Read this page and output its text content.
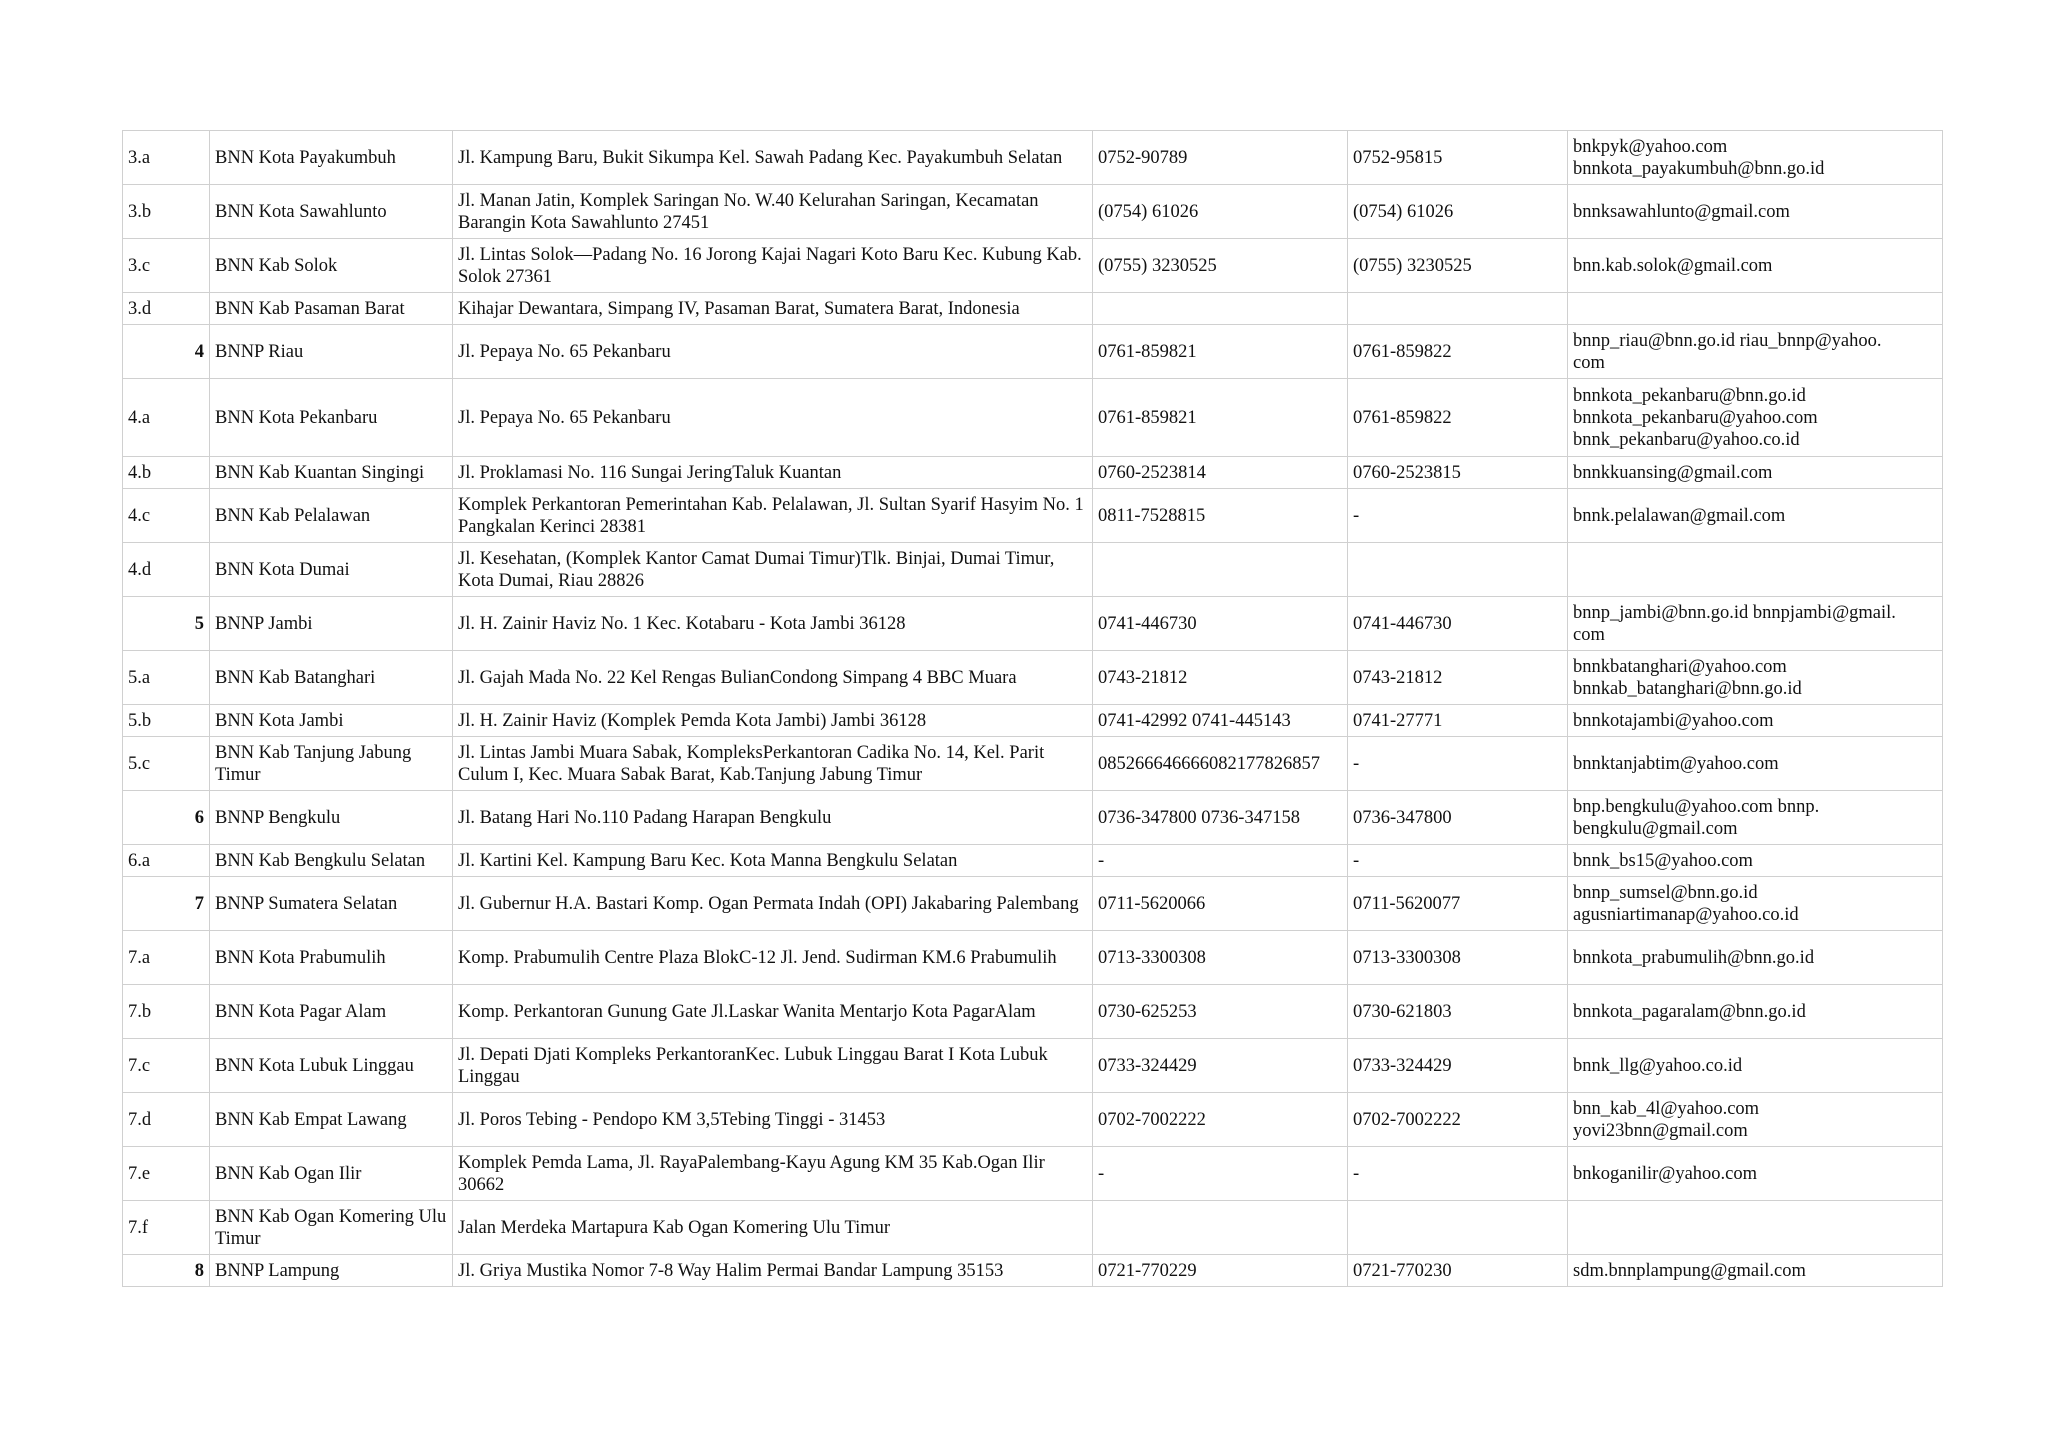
3.a	BNN Kota Payakumbuh	Jl. Kampung Baru, Bukit Sikumpa Kel. Sawah Padang Kec. Payakumbuh Selatan	0752-90789	0752-95815	bnkpyk@yahoo.com
bnnkota_payakumbuh@bnn.go.id

3.b	BNN Kota Sawahlunto	Jl. Manan Jatin, Komplek Saringan No. W.40 Kelurahan Saringan, Kecamatan Barangin Kota Sawahlunto 27451	(0754) 61026	(0754) 61026	bnnksawahlunto@gmail.com

3.c	BNN Kab Solok	Jl. Lintas Solok—Padang No. 16 Jorong Kajai Nagari Koto Baru Kec. Kubung Kab. Solok 27361	(0755) 3230525	(0755) 3230525	bnn.kab.solok@gmail.com

3.d	BNN Kab Pasaman Barat	Kihajar Dewantara, Simpang IV, Pasaman Barat, Sumatera Barat, Indonesia			
4	BNNP Riau	Jl. Pepaya No. 65 Pekanbaru	0761-859821	0761-859822	bnnp_riau@bnn.go.id riau_bnnp@yahoo.
com

4.a	BNN Kota Pekanbaru	Jl. Pepaya No. 65 Pekanbaru	0761-859821	0761-859822	bnnkota_pekanbaru@bnn.go.id
bnnkota_pekanbaru@yahoo.com
bnnk_pekanbaru@yahoo.co.id

4.b	BNN Kab Kuantan Singingi	Jl. Proklamasi No. 116 Sungai JeringTaluk Kuantan	0760-2523814	0760-2523815	bnnkkuansing@gmail.com

4.c	BNN Kab Pelalawan	Komplek Perkantoran Pemerintahan Kab. Pelalawan, Jl. Sultan Syarif Hasyim No. 1 Pangkalan Kerinci 28381	0811-7528815	-	bnnk.pelalawan@gmail.com

4.d	BNN Kota Dumai	Jl. Kesehatan, (Komplek Kantor Camat Dumai Timur)Tlk. Binjai, Dumai Timur, Kota Dumai, Riau 28826			
5	BNNP Jambi	Jl. H. Zainir Haviz No. 1 Kec. Kotabaru - Kota Jambi 36128	0741-446730	0741-446730	bnnp_jambi@bnn.go.id bnnpjambi@gmail.
com

5.a	BNN Kab Batanghari	Jl. Gajah Mada No. 22 Kel Rengas BulianCondong Simpang 4 BBC Muara	0743-21812	0743-21812	bnnkbatanghari@yahoo.com
bnnkab_batanghari@bnn.go.id

5.b	BNN Kota Jambi	Jl. H. Zainir Haviz (Komplek Pemda Kota Jambi) Jambi 36128	0741-42992 0741-445143	0741-27771	bnnkotajambi@yahoo.com

5.c	BNN Kab Tanjung Jabung Timur	Jl. Lintas Jambi Muara Sabak, KompleksPerkantoran Cadika No. 14, Kel. Parit Culum I, Kec. Muara Sabak Barat, Kab.Tanjung Jabung Timur	0852666466660821778268​57	-	bnnktanjabtim@yahoo.com

6	BNNP Bengkulu	Jl. Batang Hari No.110 Padang Harapan Bengkulu	0736-347800 0736-347158	0736-347800	bnp.bengkulu@yahoo.com bnnp.
bengkulu@gmail.com

6.a	BNN Kab Bengkulu Selatan	Jl. Kartini Kel. Kampung Baru Kec. Kota Manna Bengkulu Selatan	-	-	bnnk_bs15@yahoo.com

7	BNNP Sumatera Selatan	Jl. Gubernur H.A. Bastari Komp. Ogan Permata Indah (OPI) Jakabaring Palembang	0711-5620066	0711-5620077	bnnp_sumsel@bnn.go.id
agusniartimanap@yahoo.co.id

7.a	BNN Kota Prabumulih	Komp. Prabumulih Centre Plaza BlokC-12 Jl. Jend. Sudirman KM.6 Prabumulih	0713-3300308	0713-3300308	bnnkota_prabumulih@bnn.go.id

7.b	BNN Kota Pagar Alam	Komp. Perkantoran Gunung Gate Jl.Laskar Wanita Mentarjo Kota PagarAlam	0730-625253	0730-621803	bnnkota_pagaralam@bnn.go.id

7.c	BNN Kota Lubuk Linggau	Jl. Depati Djati Kompleks PerkantoranKec. Lubuk Linggau Barat I Kota Lubuk Linggau	0733-324429	0733-324429	bnnk_llg@yahoo.co.id

7.d	BNN Kab Empat Lawang	Jl. Poros Tebing - Pendopo KM 3,5Tebing Tinggi - 31453	0702-7002222	0702-7002222	bnn_kab_4l@yahoo.com
yovi23bnn@gmail.com

7.e	BNN Kab Ogan Ilir	Komplek Pemda Lama, Jl. RayaPalembang-Kayu Agung KM 35 Kab.Ogan Ilir 30662	-	-	bnkoganilir@yahoo.com

7.f	BNN Kab Ogan Komering Ulu Timur	Jalan Merdeka Martapura Kab Ogan Komering Ulu Timur			
8	BNNP Lampung	Jl. Griya Mustika Nomor 7-8 Way Halim Permai Bandar Lampung 35153	0721-770229	0721-770230	sdm.bnnplampung@gmail.com
